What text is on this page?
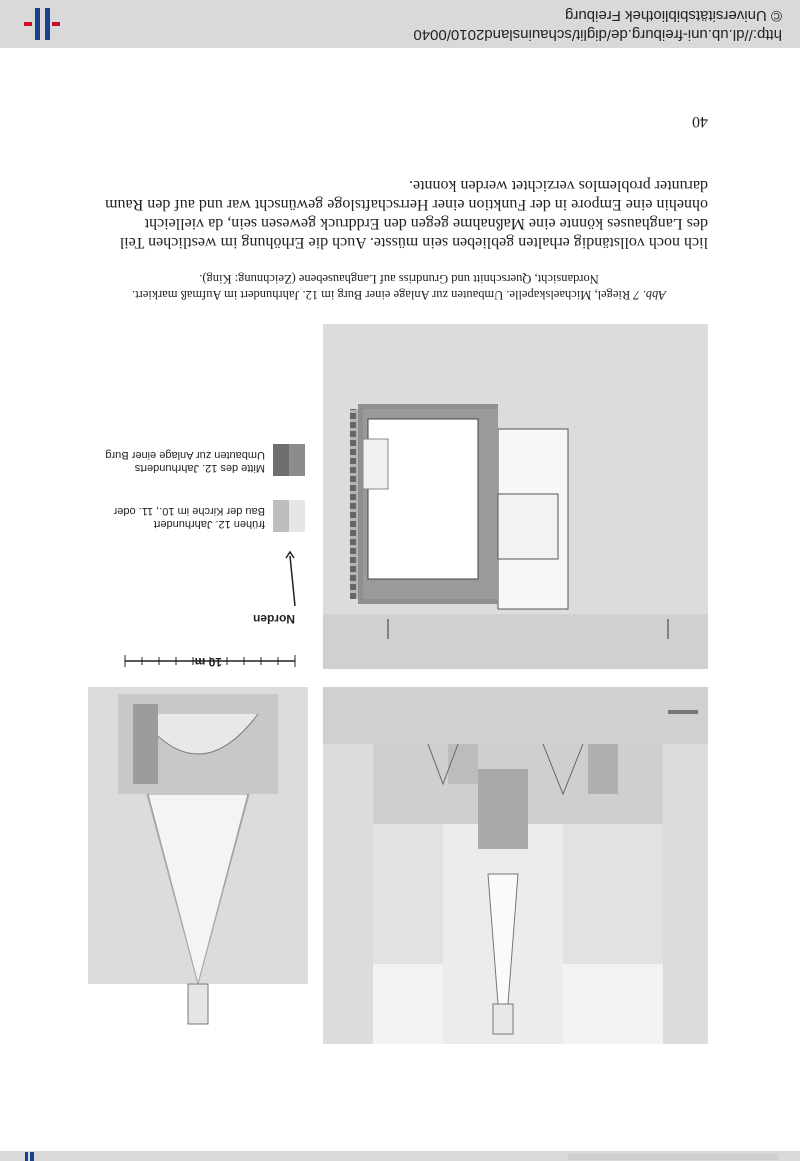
10 m
Norden
frühen 12. Jahrhundert
Bau der Kirche im 10., 11. oder
Mitte des 12. Jahrhunderts
Umbauten zur Anlage einer Burg
Abb. 7 Riegel, Michaelskapelle. Umbauten zur Anlage einer Burg im 12. Jahrhundert im Aufmaß markiert.
Nordansicht, Querschnitt und Grundriss auf Langhausebene (Zeichnung: King).

lich noch vollständig erhalten geblieben sein müsste. Auch die Erhöhung im westlichen Teil

des Langhauses könnte eine Maßnahme gegen den Erddruck gewesen sein, da vielleicht

ohnehin eine Empore in der Funktion einer Herrschaftsloge gewünscht war und auf den Raum

darunter problemlos verzichtet werden konnte.

40
http://dl.ub.uni-freiburg.de/diglit/schauinsland2010/0040
© Universitätsbibliothek Freiburg
